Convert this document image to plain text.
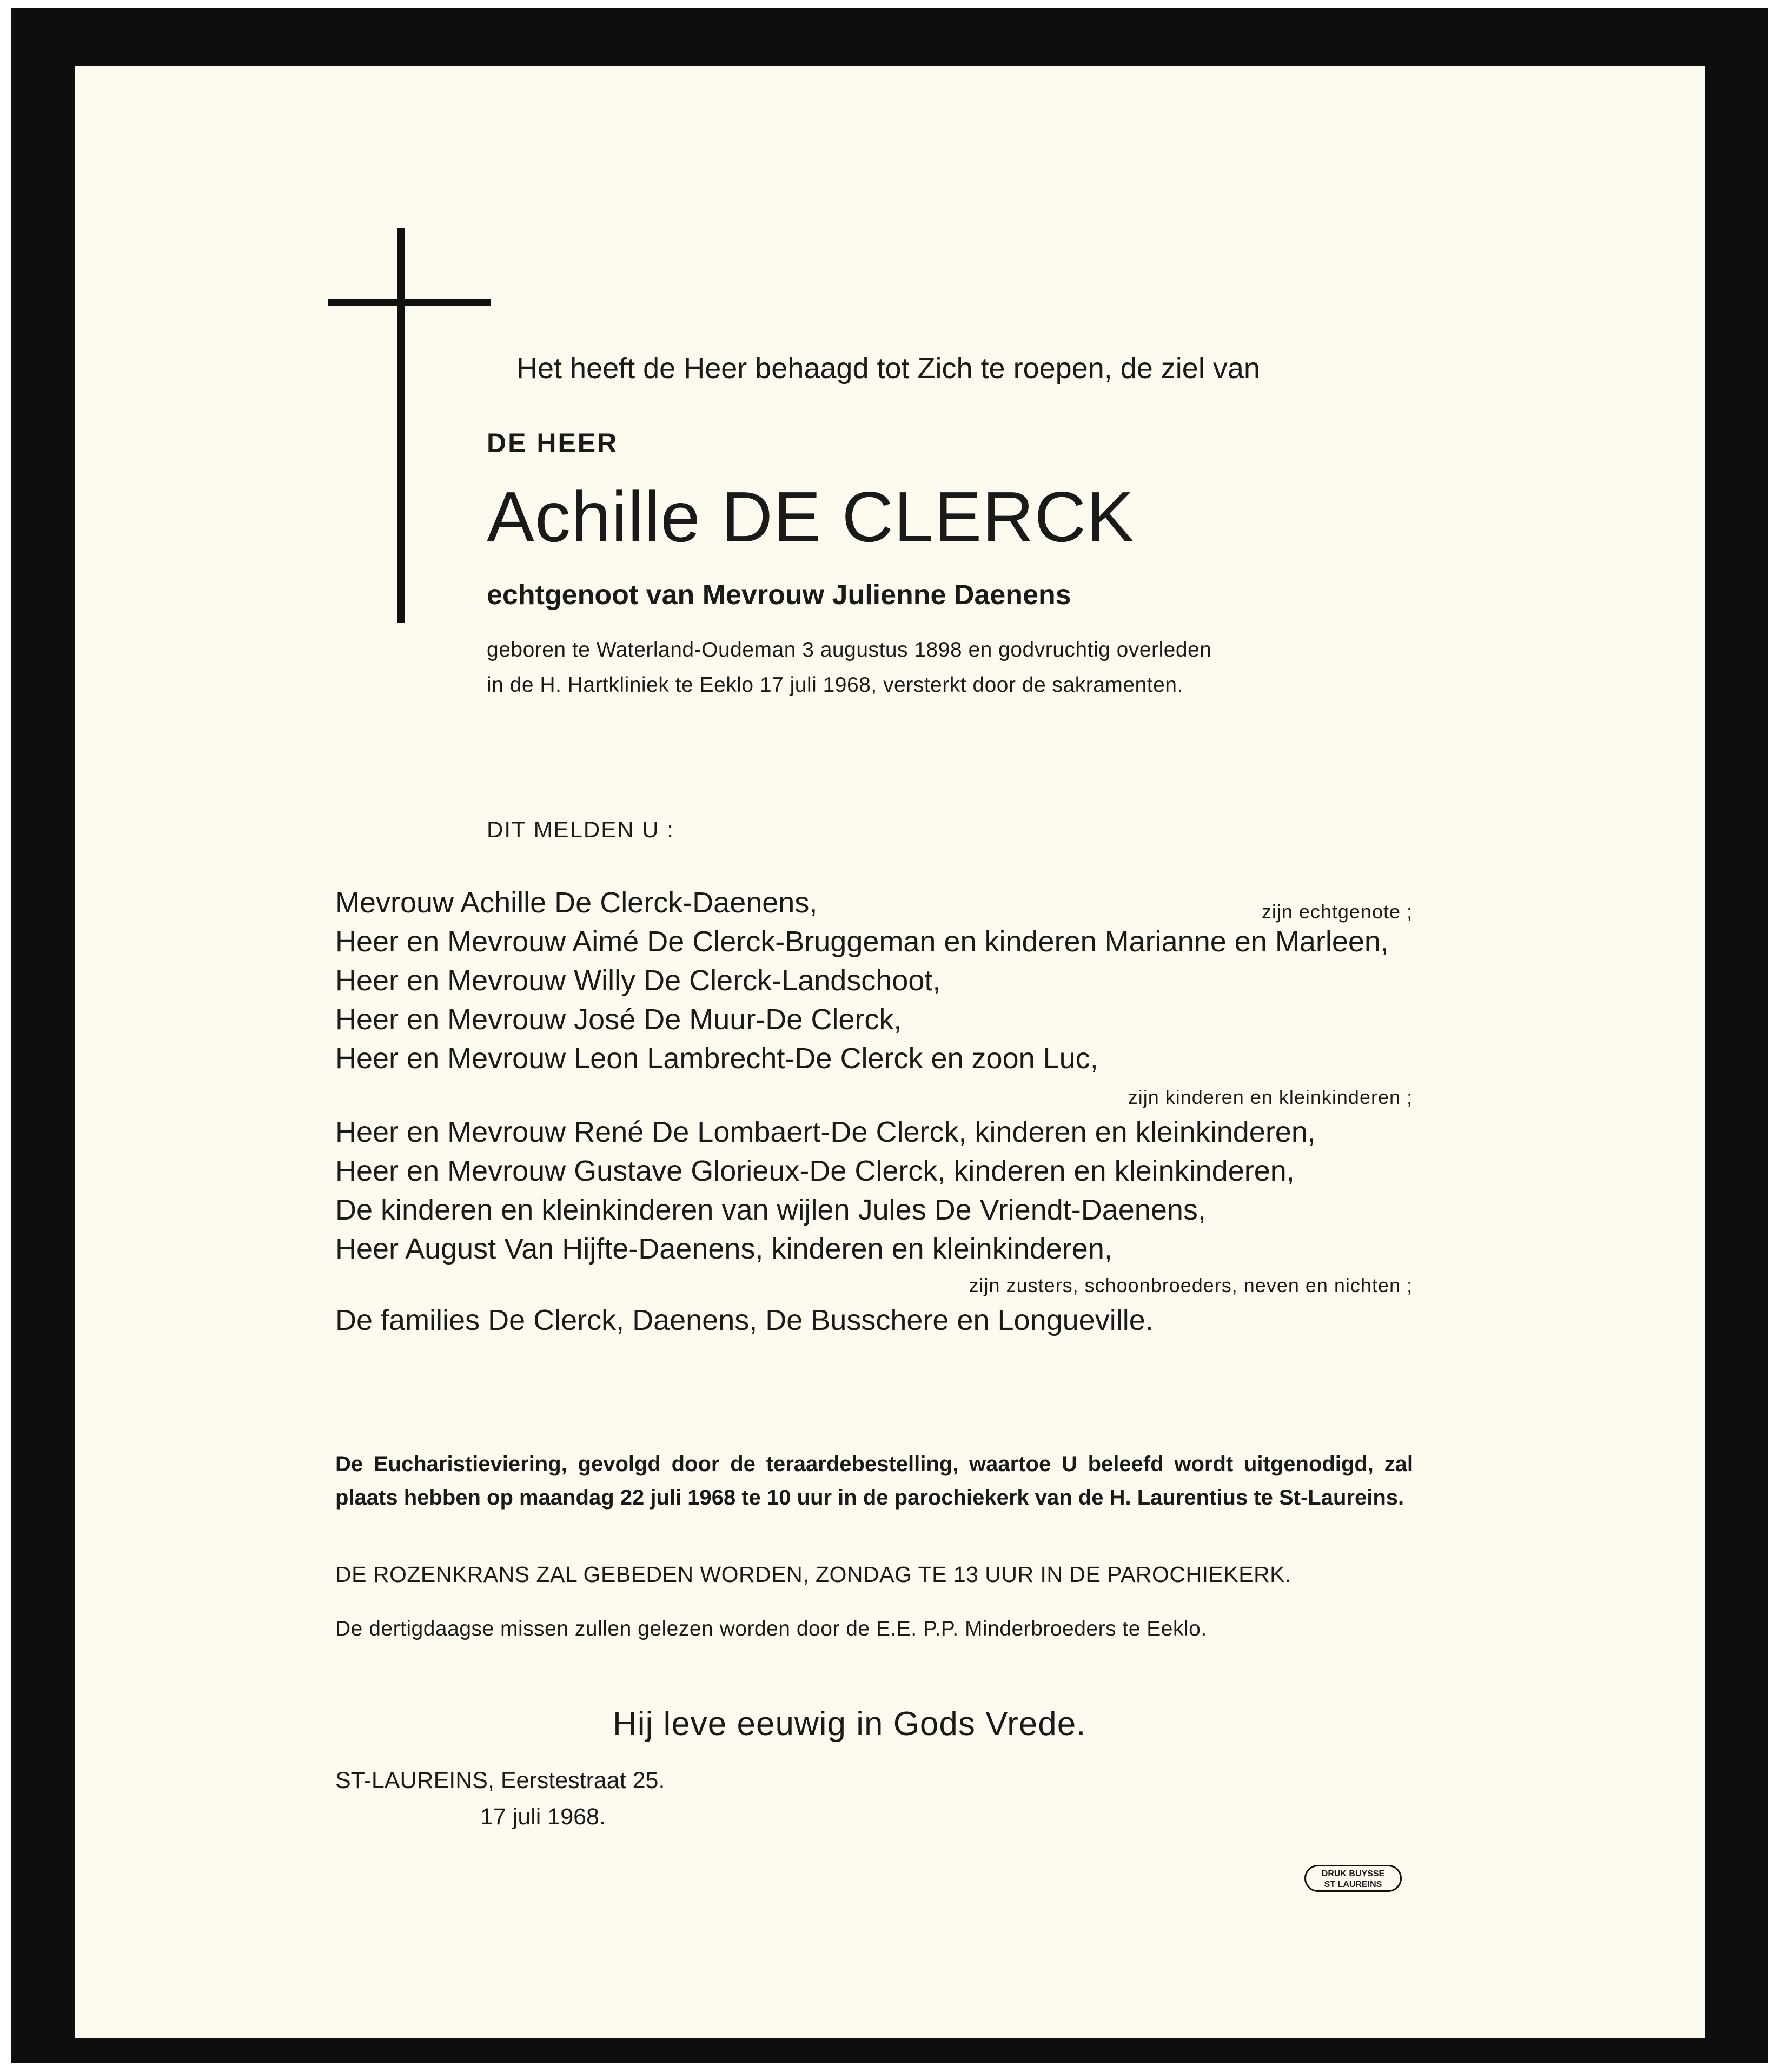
Het heeft de Heer behaagd tot Zich te roepen, de ziel van

DE HEER

Achille DE CLERCK

echtgenoot van Mevrouw Julienne Daenens

geboren te Waterland-Oudeman 3 augustus 1898 en godvruchtig overleden

in de H. Hartkliniek te Eeklo 17 juli 1968, versterkt door de sakramenten.

DIT MELDEN U :

Mevrouw Achille De Clerck-Daenens,	zijn echtgenote ;

Heer en Mevrouw Aimé De Clerck-Bruggeman en kinderen Marianne en Marleen,

Heer en Mevrouw Willy De Clerck-Landschoot,

Heer en Mevrouw José De Muur-De Clerck,

Heer en Mevrouw Leon Lambrecht-De Clerck en zoon Luc,

zijn kinderen en kleinkinderen ;

Heer en Mevrouw René De Lombaert-De Clerck, kinderen en kleinkinderen,

Heer en Mevrouw Gustave Glorieux-De Clerck, kinderen en kleinkinderen,

De kinderen en kleinkinderen van wijlen Jules De Vriendt-Daenens,

Heer August Van Hijfte-Daenens, kinderen en kleinkinderen,

zijn zusters, schoonbroeders, neven en nichten ;

De families De Clerck, Daenens, De Busschere en Longueville.

De Eucharistieviering, gevolgd door de teraardebestelling, waartoe U beleefd wordt uitgenodigd, zal plaats hebben op maandag 22 juli 1968 te 10 uur in de parochiekerk van de H. Laurentius te St-Laureins.

DE ROZENKRANS ZAL GEBEDEN WORDEN, ZONDAG TE 13 UUR IN DE PAROCHIEKERK.

De dertigdaagse missen zullen gelezen worden door de E.E. P.P. Minderbroeders te Eeklo.

Hij leve eeuwig in Gods Vrede.

ST-LAUREINS, Eerstestraat 25.

17 juli 1968.

DRUK BUYSSE
ST LAUREINS
